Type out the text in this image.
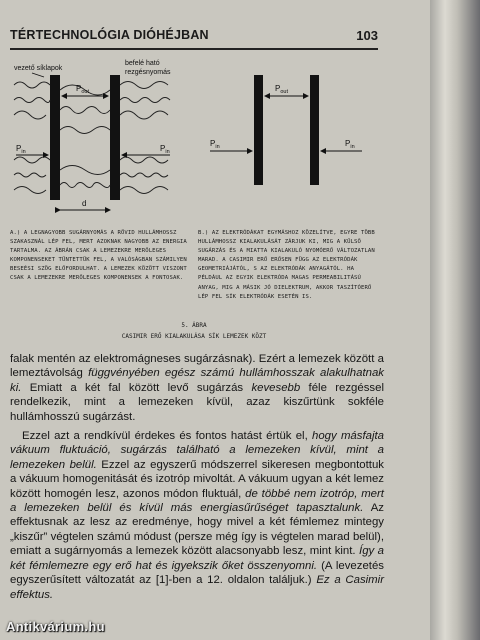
TÉRTECHNOLÓGIA DIÓHÉJBAN	103
vezető síklapok
befelé ható
rezgésnyomás
$P_{out}$
$P_{in}$	$P_{in}$
d
$P_{out}$
$P_{in}$	$P_{in}$
A.) A LEGNAGYOBB SUGÁRNYOMÁS A RÖVID HULLÁMHOSSZ SZAKASZNÁL LÉP FEL, MERT AZOKNAK NAGYOBB AZ ENERGIA TARTALMA. AZ ÁBRÁN CSAK A LEMEZEKRE MERŐLEGES KOMPONENSEKET TÜNTETTÜK FEL, A VALÓSÁGBAN SZÁMILYEN BESEÉSI SZÖG ELŐFORDULHAT. A LEMEZEK KÖZÖTT VISZONT CSAK A LEMEZEKRE MERŐLEGES KOMPONENSEK A FONTOSAK.
B.) AZ ELEKTRÓDÁKAT EGYMÁSHOZ KÖZELÍTVE, EGYRE TÖBB HULLÁMHOSSZ KIALAKULÁSÁT ZÁRJUK KI, MIG A KÜLSŐ SUGÁRZÁS ÉS A MIATTA KIALAKULÓ NYOMÓERŐ VÁLTOZATLAN MARAD. A CASIMIR ERŐ ERŐSEN FÜGG AZ ELEKTRÓDÁK GEOMETRIÁJÁTÓL, S AZ ELEKTRÓDÁK ANYAGÁTÓL. HA PÉLDÁUL AZ EGYIK ELEKTRÓDA MAGAS PERMEABILITÁSÚ ANYAG, MIG A MÁSIK JÓ DIELEKTRUM, AKKOR TASZÍTÓERŐ LÉP FEL SÍK ELEKTRÓDÁK ESETÉN IS.
5. ÁBRA
CASIMIR ERŐ KIALAKULÁSA SÍK LEMEZEK KÖZT

falak mentén az elektromágneses sugárzásnak). Ezért a lemezek között a lemeztávolság függvényében egész számú hullámhosszak alakulhatnak ki. Emiatt a két fal között levő sugárzás kevesebb féle rezgéssel rendelkezik, mint a lemezeken kívül, azaz kiszűrtünk sokféle hullámhosszú sugárzást.

Ezzel azt a rendkívül érdekes és fontos hatást értük el, hogy másfajta vákuum fluktuáció, sugárzás található a lemezeken kívül, mint a lemezeken belül. Ezzel az egyszerű módszerrel sikeresen megbontottuk a vákuum homogenitását és izotróp mivoltát. A vákuum ugyan a két lemez között homogén lesz, azonos módon fluktuál, de többé nem izotróp, mert a lemezeken belül és kívül más energiasűrűséget tapasztalunk. Az effektusnak az lesz az eredménye, hogy mivel a két fémlemez mintegy „kiszűr” végtelen számú módust (persze még így is végtelen marad belül), emiatt a sugárnyomás a lemezek között alacsonyabb lesz, mint kint. Így a két fémlemezre egy erő hat és igyekszik őket összenyomni. (A levezetés egyszerűsített változatát az [1]-ben a 12. oldalon találjuk.) Ez a Casimir effektus.

Antikvárium.hu
